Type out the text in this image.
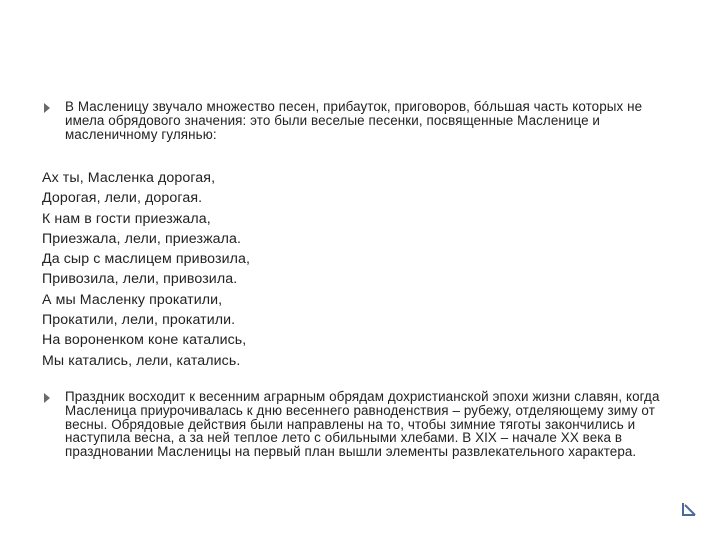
В Масленицу звучало множество песен, прибауток, приговоров, бóльшая часть которых не имела обрядового значения: это были веселые песенки, посвященные Масленице и масленичному гулянью:
Ах ты, Масленка дорогая,
Дорогая, лели, дорогая.
К нам в гости приезжала,
Приезжала, лели, приезжала.
Да сыр с маслицем привозила,
Привозила, лели, привозила.
А мы Масленку прокатили,
Прокатили, лели, прокатили.
На вороненком коне катались,
Мы катались, лели, катались.
Праздник восходит к весенним аграрным обрядам дохристианской эпохи жизни славян, когда Масленица приурочивалась к дню весеннего равноденствия – рубежу, отделяющему зиму от весны. Обрядовые действия были направлены на то, чтобы зимние тяготы закончились и наступила весна, а за ней теплое лето с обильными хлебами. В XIX – начале XX века в праздновании Масленицы на первый план вышли элементы развлекательного характера.
